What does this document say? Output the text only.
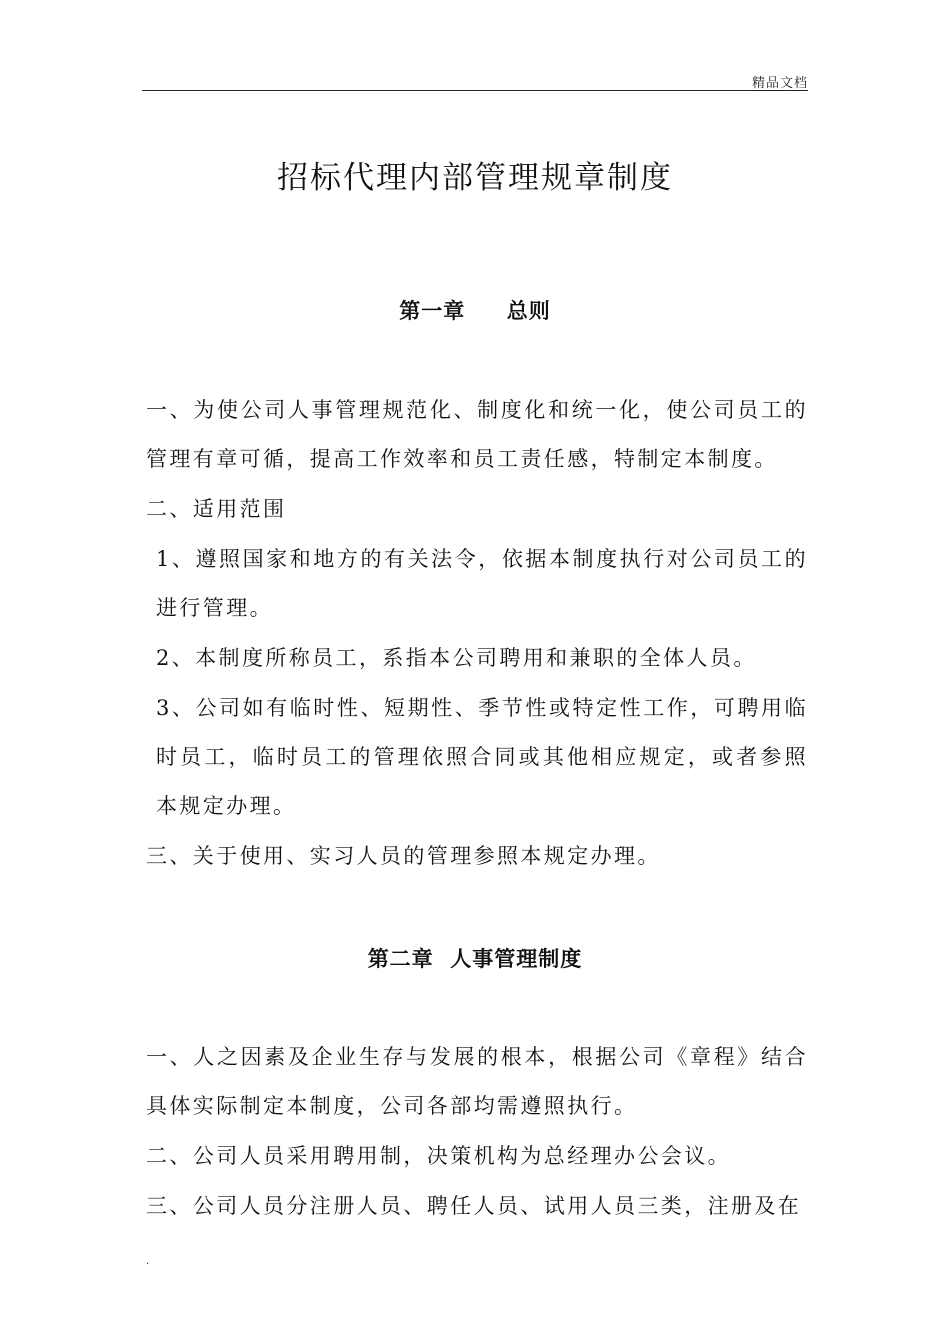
精品文档
招标代理内部管理规章制度
第一章     总则

一、为使公司人事管理规范化、制度化和统一化，使公司员工的管理有章可循，提高工作效率和员工责任感，特制定本制度。

二、适用范围

1、遵照国家和地方的有关法令，依据本制度执行对公司员工的进行管理。

2、本制度所称员工，系指本公司聘用和兼职的全体人员。

3、公司如有临时性、短期性、季节性或特定性工作，可聘用临时员工，临时员工的管理依照合同或其他相应规定，或者参照本规定办理。

三、关于使用、实习人员的管理参照本规定办理。

第二章  人事管理制度

一、人之因素及企业生存与发展的根本，根据公司《章程》结合具体实际制定本制度，公司各部均需遵照执行。

二、公司人员采用聘用制，决策机构为总经理办公会议。

三、公司人员分注册人员、聘任人员、试用人员三类，注册及在

.
